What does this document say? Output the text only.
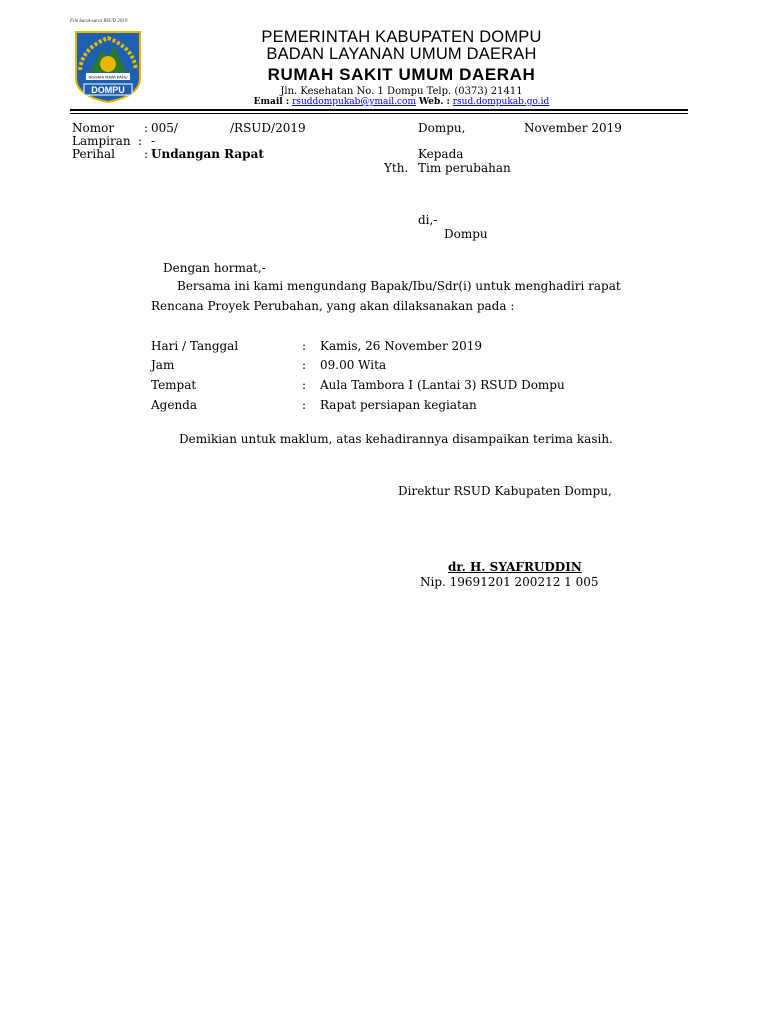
File Surat-surat RSUD 2019
NGGAHI RAWI PAHU
DOMPU
PEMERINTAH KABUPATEN DOMPU
BADAN LAYANAN UMUM DAERAH
RUMAH SAKIT UMUM DAERAH
Jln. Kesehatan No. 1 Dompu Telp. (0373) 21411
Email : rsuddompukab@ymail.com Web. : rsud.dompukab.go.id
Nomor : 005/	/RSUD/2019	Dompu,	November 2019
Lampiran : -
Perihal : Undangan Rapat	Kepada
Yth. Tim perubahan
di,-
Dompu
Dengan hormat,-
Bersama ini kami mengundang Bapak/Ibu/Sdr(i) untuk menghadiri rapat
Rencana Proyek Perubahan, yang akan dilaksanakan pada :
Hari / Tanggal	: Kamis, 26 November 2019
Jam	: 09.00 Wita
Tempat	: Aula Tambora I (Lantai 3) RSUD Dompu
Agenda	: Rapat persiapan kegiatan
Demikian untuk maklum, atas kehadirannya disampaikan terima kasih.
Direktur RSUD Kabupaten Dompu,
dr. H. SYAFRUDDIN
Nip. 19691201 200212 1 005
